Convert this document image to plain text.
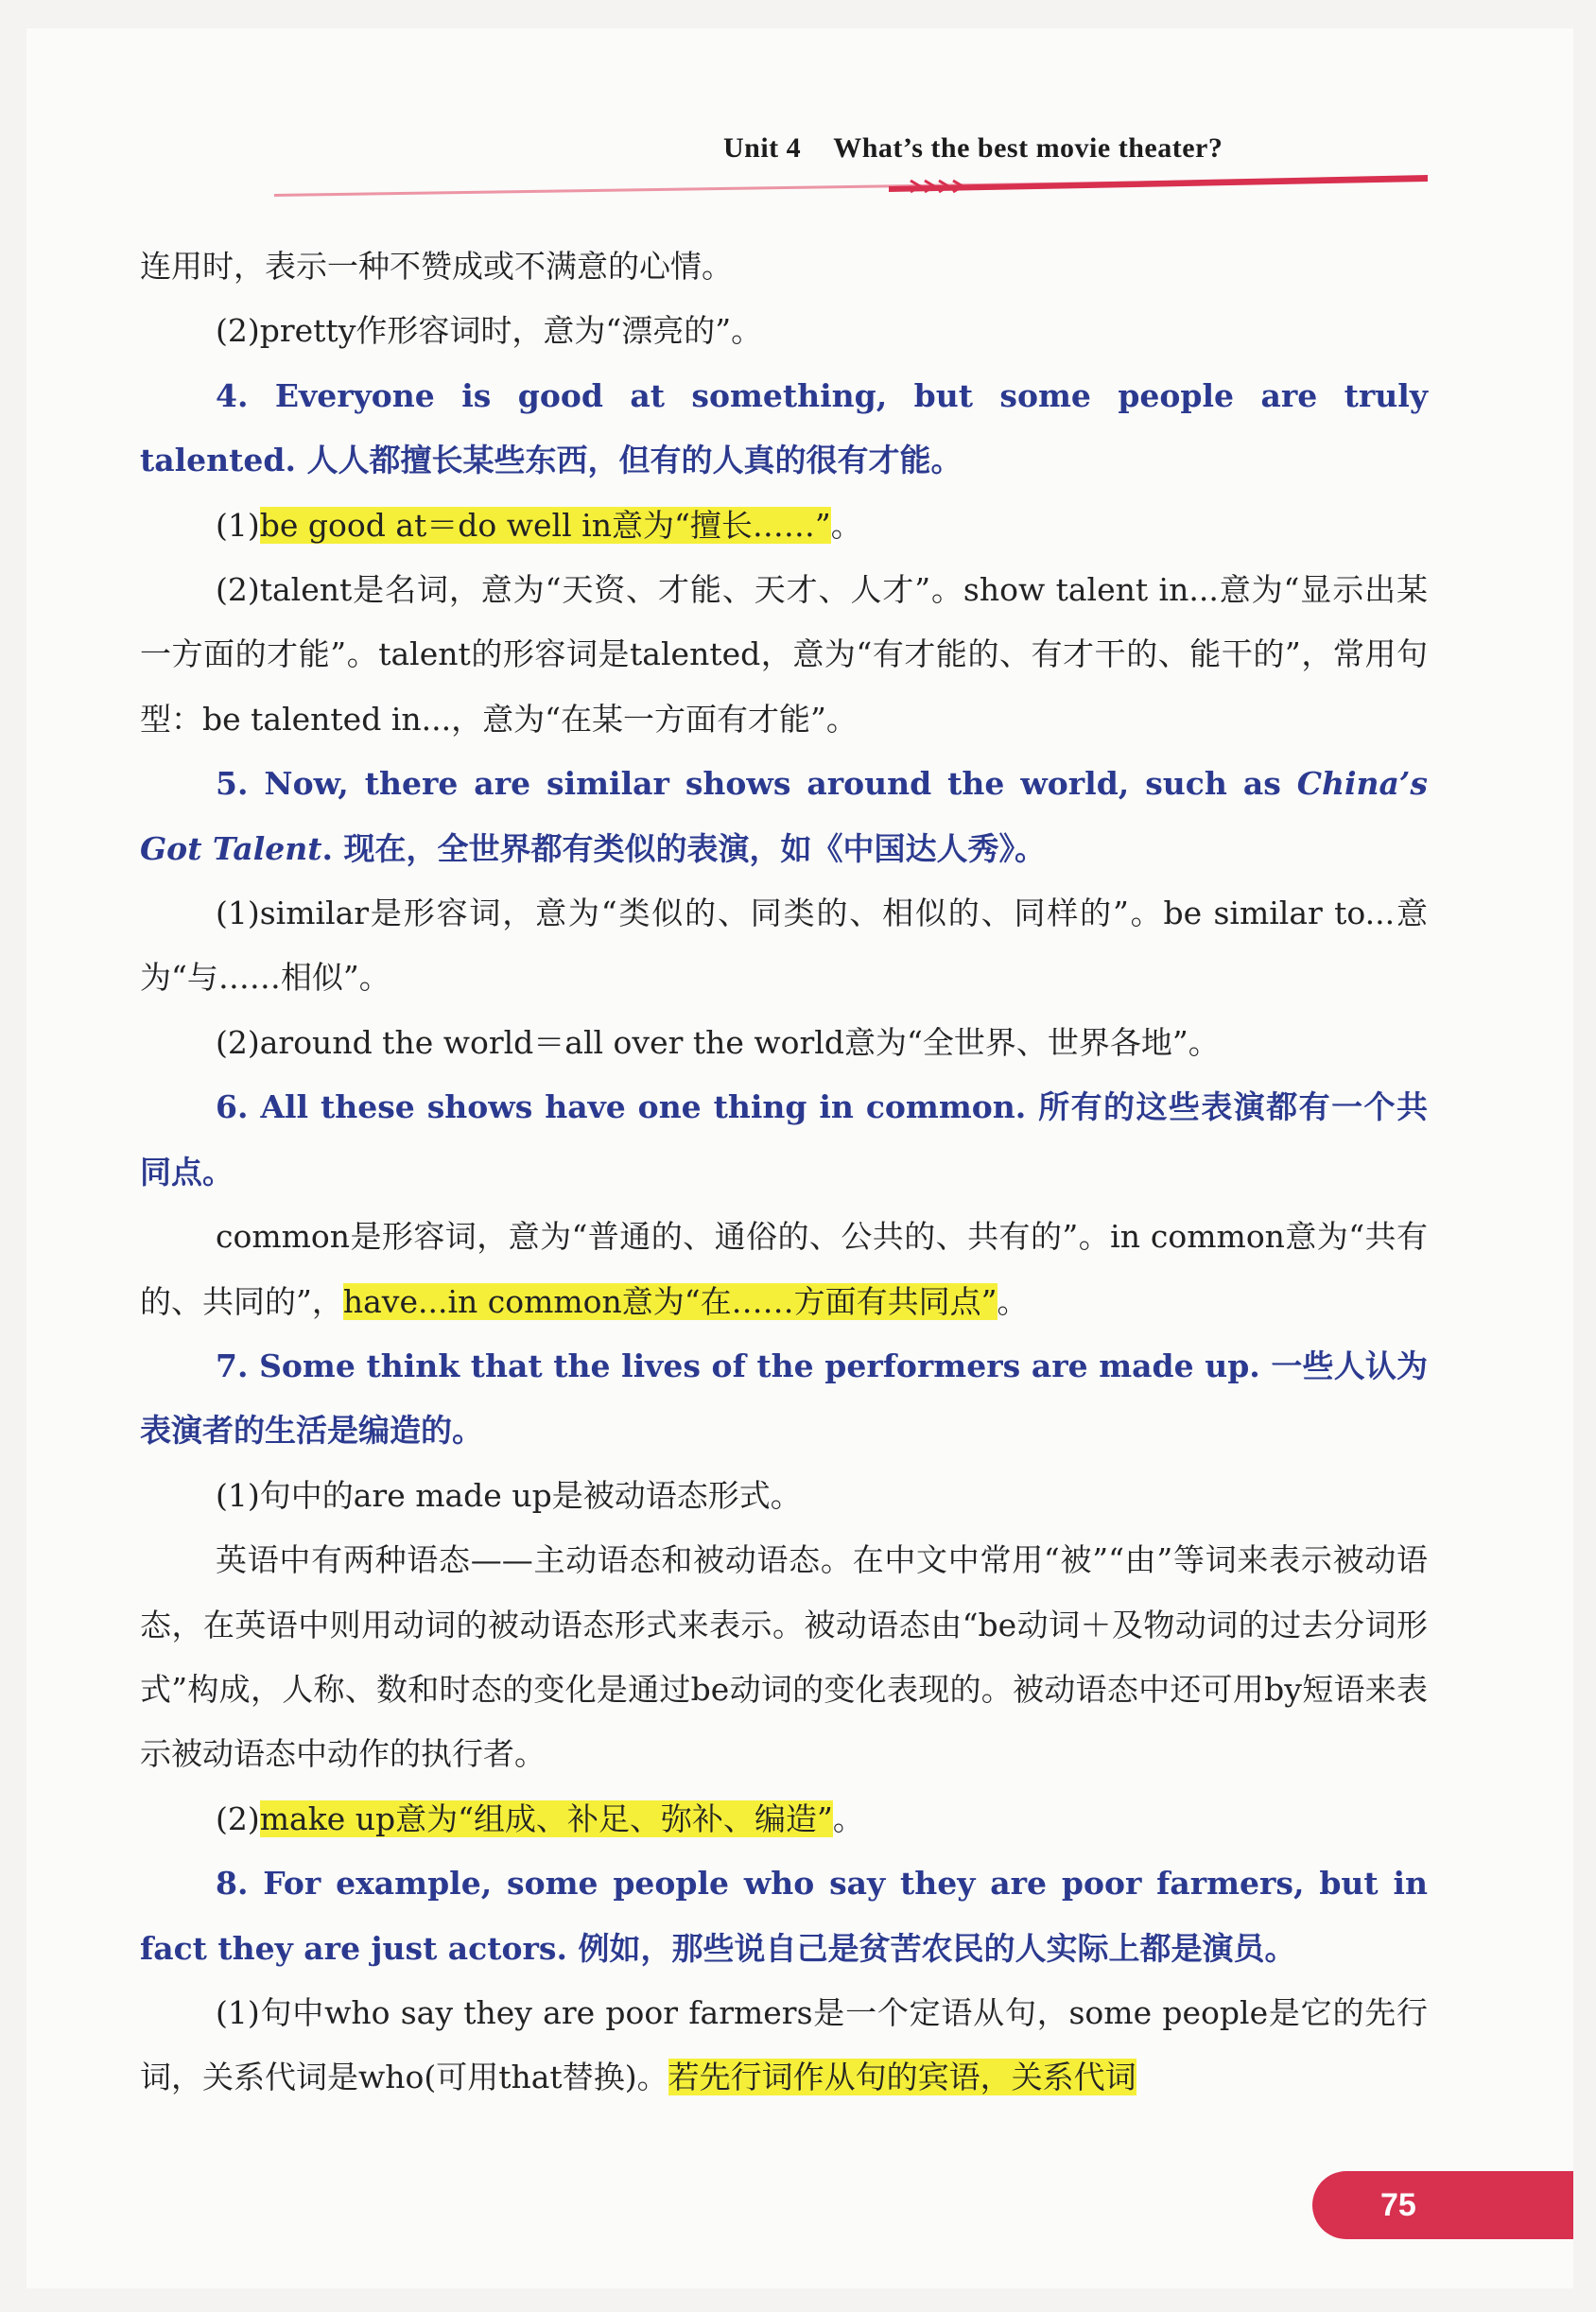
Unit 4 What’s the best movie theater?

连用时，表示一种不赞成或不满意的心情。

(2)pretty作形容词时，意为“漂亮的”。

4. Everyone is good at something, but some people are truly talented. 人人都擅长某些东西，但有的人真的很有才能。

(1)be good at＝do well in意为“擅长……”。

(2)talent是名词，意为“天资、才能、天才、人才”。show talent in...意为“显示出某一方面的才能”。talent的形容词是talented，意为“有才能的、有才干的、能干的”，常用句型：be talented in...，意为“在某一方面有才能”。

5. Now, there are similar shows around the world, such as China’s Got Talent. 现在，全世界都有类似的表演，如《中国达人秀》。

(1)similar是形容词，意为“类似的、同类的、相似的、同样的”。be similar to...意为“与……相似”。

(2)around the world＝all over the world意为“全世界、世界各地”。

6. All these shows have one thing in common. 所有的这些表演都有一个共同点。

common是形容词，意为“普通的、通俗的、公共的、共有的”。in common意为“共有的、共同的”，have...in common意为“在……方面有共同点”。

7. Some think that the lives of the performers are made up. 一些人认为表演者的生活是编造的。

(1)句中的are made up是被动语态形式。

英语中有两种语态——主动语态和被动语态。在中文中常用“被”“由”等词来表示被动语态，在英语中则用动词的被动语态形式来表示。被动语态由“be动词＋及物动词的过去分词形式”构成，人称、数和时态的变化是通过be动词的变化表现的。被动语态中还可用by短语来表示被动语态中动作的执行者。

(2)make up意为“组成、补足、弥补、编造”。

8. For example, some people who say they are poor farmers, but in fact they are just actors. 例如，那些说自己是贫苦农民的人实际上都是演员。

(1)句中who say they are poor farmers是一个定语从句，some people是它的先行词，关系代词是who(可用that替换)。若先行词作从句的宾语，关系代词

75
